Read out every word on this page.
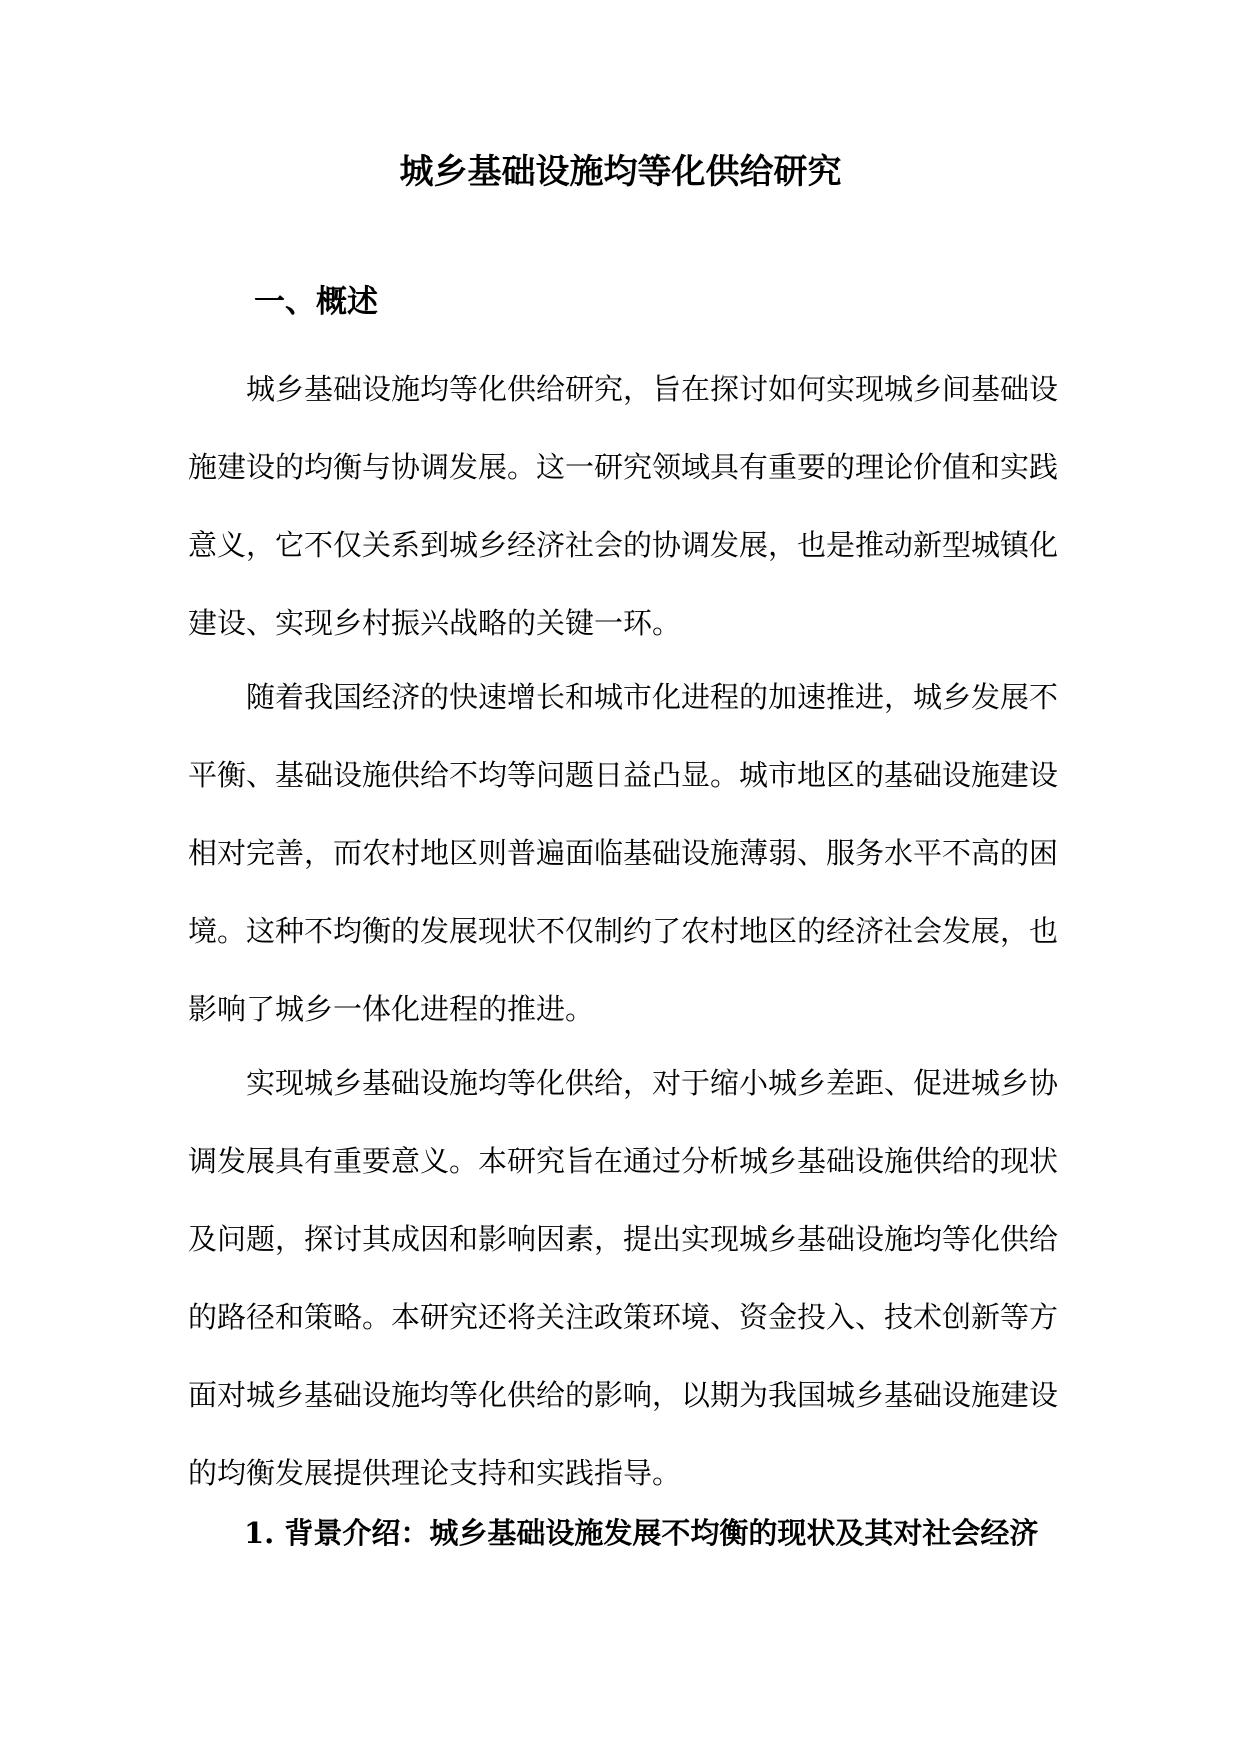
城乡基础设施均等化供给研究
一、概述

城乡基础设施均等化供给研究，旨在探讨如何实现城乡间基础设施建设的均衡与协调发展。这一研究领域具有重要的理论价值和实践意义，它不仅关系到城乡经济社会的协调发展，也是推动新型城镇化建设、实现乡村振兴战略的关键一环。

随着我国经济的快速增长和城市化进程的加速推进，城乡发展不平衡、基础设施供给不均等问题日益凸显。城市地区的基础设施建设相对完善，而农村地区则普遍面临基础设施薄弱、服务水平不高的困境。这种不均衡的发展现状不仅制约了农村地区的经济社会发展，也影响了城乡一体化进程的推进。

实现城乡基础设施均等化供给，对于缩小城乡差距、促进城乡协调发展具有重要意义。本研究旨在通过分析城乡基础设施供给的现状及问题，探讨其成因和影响因素，提出实现城乡基础设施均等化供给的路径和策略。本研究还将关注政策环境、资金投入、技术创新等方面对城乡基础设施均等化供给的影响，以期为我国城乡基础设施建设的均衡发展提供理论支持和实践指导。

1. 背景介绍：城乡基础设施发展不均衡的现状及其对社会经济
